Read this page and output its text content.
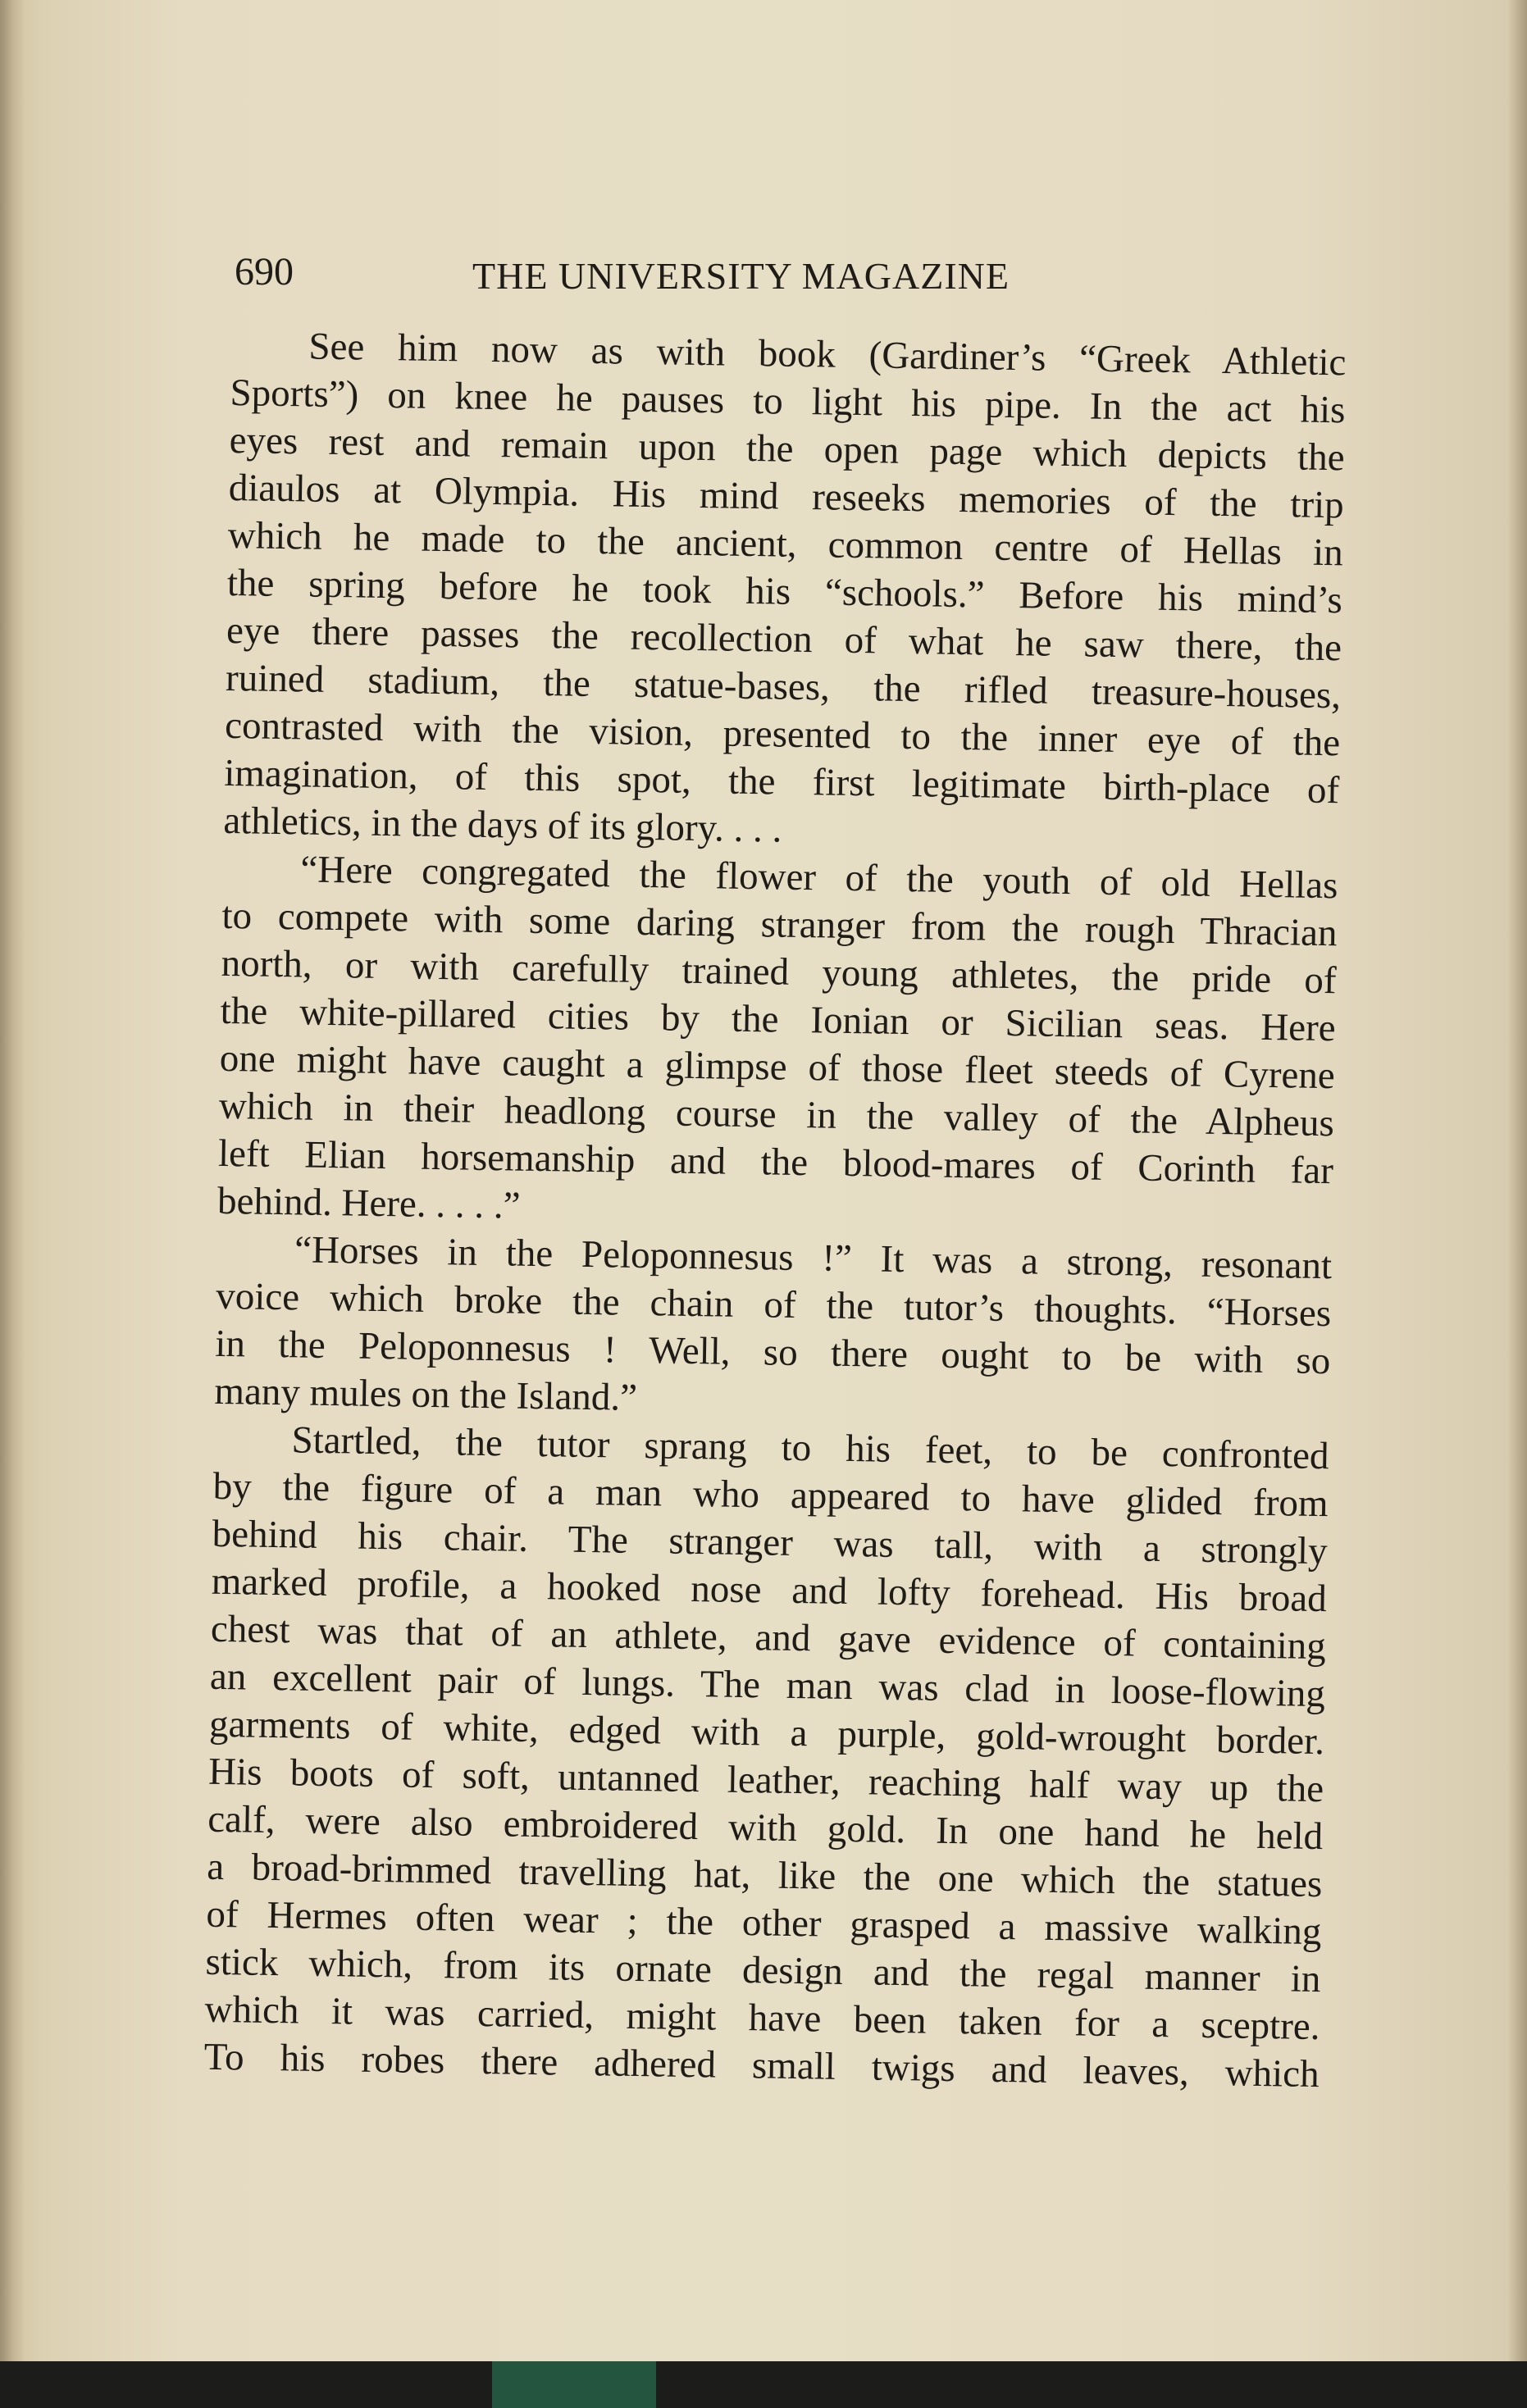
690	THE UNIVERSITY MAGAZINE
See him now as with book (Gardiner’s “Greek Athletic
Sports”) on knee he pauses to light his pipe. In the act his
eyes rest and remain upon the open page which depicts the
diaulos at Olympia. His mind reseeks memories of the trip
which he made to the ancient, common centre of Hellas in
the spring before he took his “schools.” Before his mind’s
eye there passes the recollection of what he saw there, the
ruined stadium, the statue-bases, the rifled treasure-houses,
contrasted with the vision, presented to the inner eye of the
imagination, of this spot, the first legitimate birth-place of
athletics, in the days of its glory. . . .
“Here congregated the flower of the youth of old Hellas
to compete with some daring stranger from the rough Thracian
north, or with carefully trained young athletes, the pride of
the white-pillared cities by the Ionian or Sicilian seas. Here
one might have caught a glimpse of those fleet steeds of Cyrene
which in their headlong course in the valley of the Alpheus
left Elian horsemanship and the blood-mares of Corinth far
behind. Here. . . . .”
“Horses in the Peloponnesus !” It was a strong, resonant
voice which broke the chain of the tutor’s thoughts. “Horses
in the Peloponnesus ! Well, so there ought to be with so
many mules on the Island.”
Startled, the tutor sprang to his feet, to be confronted
by the figure of a man who appeared to have glided from
behind his chair. The stranger was tall, with a strongly
marked profile, a hooked nose and lofty forehead. His broad
chest was that of an athlete, and gave evidence of containing
an excellent pair of lungs. The man was clad in loose-flowing
garments of white, edged with a purple, gold-wrought border.
His boots of soft, untanned leather, reaching half way up the
calf, were also embroidered with gold. In one hand he held
a broad-brimmed travelling hat, like the one which the statues
of Hermes often wear ; the other grasped a massive walking
stick which, from its ornate design and the regal manner in
which it was carried, might have been taken for a sceptre.
To his robes there adhered small twigs and leaves, which
